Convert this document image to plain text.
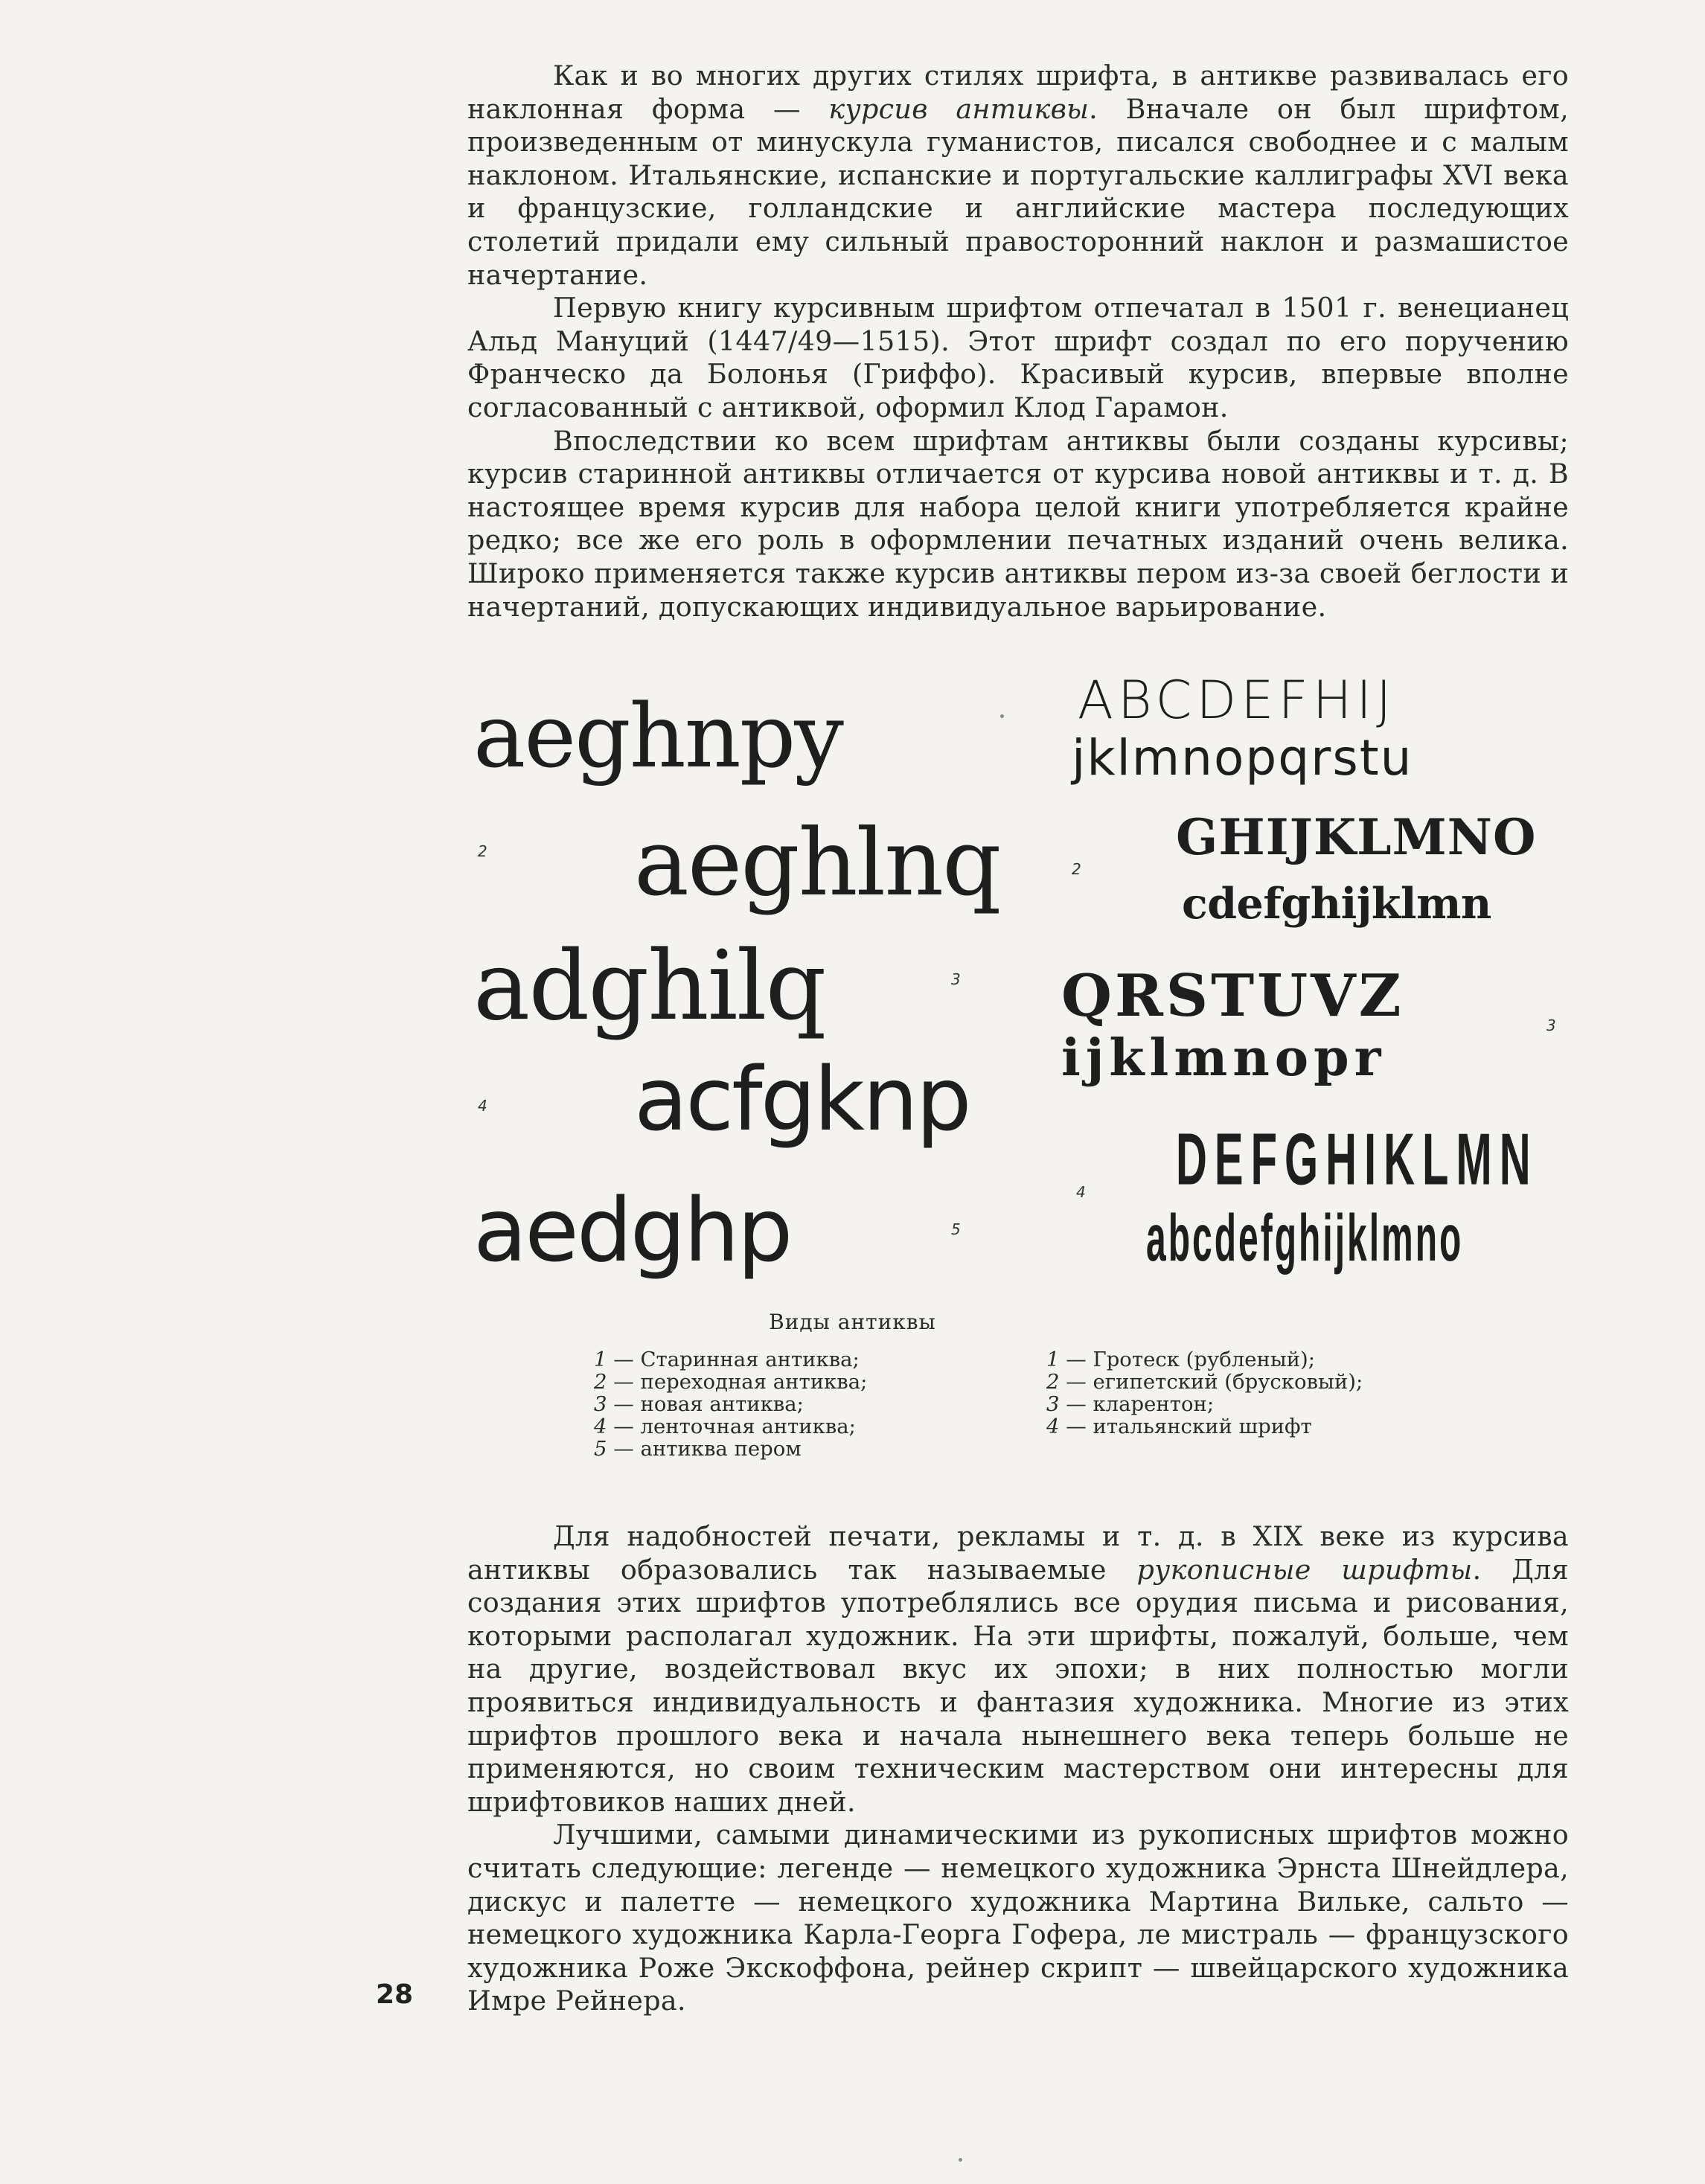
Как и во многих других стилях шрифта, в антикве развивалась его наклонная форма — курсив антиквы. Вначале он был шрифтом, произведенным от минускула гуманистов, писался свободнее и с малым наклоном. Итальянские, испанские и португальские каллиграфы XVI века и французские, голландские и английские мастера последующих столетий придали ему сильный правосторонний наклон и размашистое начертание.

Первую книгу курсивным шрифтом отпечатал в 1501 г. венецианец Альд Мануций (1447/49—1515). Этот шрифт создал по его поручению Франческо да Болонья (Гриффо). Красивый курсив, впервые вполне согласованный с антиквой, оформил Клод Гарамон.

Впоследствии ко всем шрифтам антиквы были созданы курсивы; курсив старинной антиквы отличается от курсива новой антиквы и т. д. В настоящее время курсив для набора целой книги употребляется крайне редко; все же его роль в оформлении печатных изданий очень велика. Широко применяется также курсив антиквы пером из-за своей беглости и начертаний, допускающих индивидуальное варьирование.

aeghnpy
2 aeghlnq
adghilq	3
4 acfgknp
aedghp	5
ABCDEFHIJ
jklmnopqrstu
2
GHIJKLMNO
cdefghijklmn
QRSTUVZ	3
ijklmnopr
4 DEFGHIKLMN
abcdefghijklmno
Виды антиквы
1 — Старинная антиква;
2 — переходная антиква;
3 — новая антиква;
4 — ленточная антиква;
5 — антиква пером
1 — Гротеск (рубленый);
2 — египетский (брусковый);
3 — кларентон;
4 — итальянский шрифт

Для надобностей печати, рекламы и т. д. в XIX веке из курсива антиквы образовались так называемые рукописные шрифты. Для создания этих шрифтов употреблялись все орудия письма и рисования, которыми располагал художник. На эти шрифты, пожалуй, больше, чем на другие, воздействовал вкус их эпохи; в них полностью могли проявиться индивидуальность и фантазия художника. Многие из этих шрифтов прошлого века и начала нынешнего века теперь больше не применяются, но своим техническим мастерством они интересны для шрифтовиков наших дней.

Лучшими, самыми динамическими из рукописных шрифтов можно считать следующие: легенде — немецкого художника Эрнста Шнейдлера, дискус и палетте — немецкого художника Мартина Вильке, сальто — немецкого художника Карла-Георга Гофера, ле мистраль — французского художника Роже Экскоффона, рейнер скрипт — швейцарского художника Имре Рейнера.

28
